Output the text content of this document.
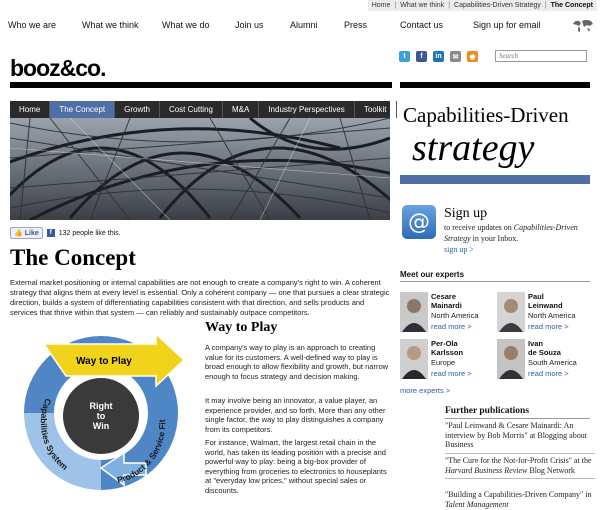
Home | What we think | Capabilities-Driven Strategy | The Concept
Who we are	What we think	What we do	Join us	Alumni	Press	Contact us	Sign up for email
t	f	in	✉	◉
Search
booz&co.
Home	The Concept	Growth	Cost Cutting	M&A	Industry Perspectives	Toolkit
👍 Like	f	132 people like this.
The Concept

External market positioning or internal capabilities are not enough to create a company's right to win. A coherent strategy that aligns them at every level is essential. Only a coherent company — one that pursues a clear strategic direction, builds a system of differentiating capabilities consistent with that direction, and sells products and services that thrive within that system — can reliably and sustainably outpace competitors.

Way to Play

A company's way to play is an approach to creating value for its customers. A well-defined way to play is broad enough to allow flexibility and growth, but narrow enough to focus strategy and decision making.

It may involve being an innovator, a value player, an experience provider, and so forth. More than any other single factor, the way to play distinguishes a company from its competitors.

For instance, Walmart, the largest retail chain in the world, has taken its leading position with a precise and powerful way to play: being a big-box provider of everything from groceries to electronics to houseplants at "everyday low prices," without special sales or discounts.

Way to Play
Right
to
Win
Capabilities System
Product & Service Fit
Capabilities-Driven
strategy
@	Sign up
to receive updates on Capabilities-Driven Strategy in your Inbox.
sign up >
Meet our experts
Cesare
Mainardi
North America
read more >
Paul
Leinwand
North America
read more >
Per-Ola
Karlsson
Europe
read more >
Ivan
de Souza
South America
read more >
more experts >
Further publications
"Paul Leinwand & Cesare Mainardi: An interview by Bob Morris" at Blogging about Business
"The Cure for the Not-for-Profit Crisis" at the Harvard Business Review Blog Network
"Building a Capabilities-Driven Company" in Talent Management
